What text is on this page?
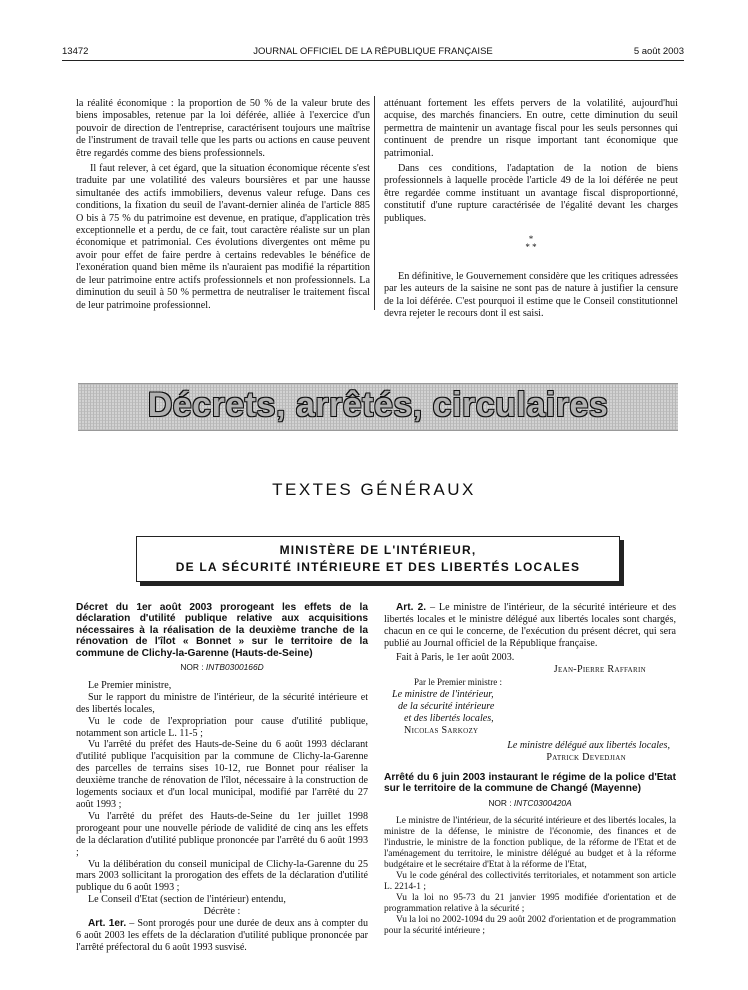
13472	JOURNAL OFFICIEL DE LA RÉPUBLIQUE FRANÇAISE	5 août 2003

la réalité économique : la proportion de 50 % de la valeur brute des biens imposables, retenue par la loi déférée, alliée à l'exercice d'un pouvoir de direction de l'entreprise, caractérisent toujours une maîtrise de l'instrument de travail telle que les parts ou actions en cause peuvent être regardés comme des biens professionnels.

Il faut relever, à cet égard, que la situation économique récente s'est traduite par une volatilité des valeurs boursières et par une hausse simultanée des actifs immobiliers, devenus valeur refuge. Dans ces conditions, la fixation du seuil de l'avant-dernier alinéa de l'article 885 O bis à 75 % du patrimoine est devenue, en pratique, d'application très exceptionnelle et a perdu, de ce fait, tout caractère réaliste sur un plan économique et patrimonial. Ces évolutions divergentes ont même pu avoir pour effet de faire perdre à certains redevables le bénéfice de l'exonération quand bien même ils n'auraient pas modifié la répartition de leur patrimoine entre actifs professionnels et non professionnels. La diminution du seuil à 50 % permettra de neutraliser le traitement fiscal de leur patrimoine professionnel.

atténuant fortement les effets pervers de la volatilité, aujourd'hui acquise, des marchés financiers. En outre, cette diminution du seuil permettra de maintenir un avantage fiscal pour les seuls personnes qui continuent de prendre un risque important tant économique que patrimonial.

Dans ces conditions, l'adaptation de la notion de biens professionnels à laquelle procède l'article 49 de la loi déférée ne peut être regardée comme instituant un avantage fiscal disproportionné, constitutif d'une rupture caractérisée de l'égalité devant les charges publiques.

*
* *

En définitive, le Gouvernement considère que les critiques adressées par les auteurs de la saisine ne sont pas de nature à justifier la censure de la loi déférée. C'est pourquoi il estime que le Conseil constitutionnel devra rejeter le recours dont il est saisi.

Décrets, arrêtés, circulaires
TEXTES GÉNÉRAUX
MINISTÈRE DE L'INTÉRIEUR,
DE LA SÉCURITÉ INTÉRIEURE ET DES LIBERTÉS LOCALES
Décret du 1er août 2003 prorogeant les effets de la déclaration d'utilité publique relative aux acquisitions nécessaires à la réalisation de la deuxième tranche de la rénovation de l'îlot « Bonnet » sur le territoire de la commune de Clichy-la-Garenne (Hauts-de-Seine)
NOR : INTB0300166D

Le Premier ministre,

Sur le rapport du ministre de l'intérieur, de la sécurité intérieure et des libertés locales,

Vu le code de l'expropriation pour cause d'utilité publique, notamment son article L. 11-5 ;

Vu l'arrêté du préfet des Hauts-de-Seine du 6 août 1993 déclarant d'utilité publique l'acquisition par la commune de Clichy-la-Garenne des parcelles de terrains sises 10-12, rue Bonnet pour réaliser la deuxième tranche de rénovation de l'îlot, nécessaire à la construction de logements sociaux et d'un local municipal, modifié par l'arrêté du 27 août 1993 ;

Vu l'arrêté du préfet des Hauts-de-Seine du 1er juillet 1998 prorogeant pour une nouvelle période de validité de cinq ans les effets de la déclaration d'utilité publique prononcée par l'arrêté du 6 août 1993 ;

Vu la délibération du conseil municipal de Clichy-la-Garenne du 25 mars 2003 sollicitant la prorogation des effets de la déclaration d'utilité publique du 6 août 1993 ;

Le Conseil d'Etat (section de l'intérieur) entendu,

Décrète :

Art. 1er. – Sont prorogés pour une durée de deux ans à compter du 6 août 2003 les effets de la déclaration d'utilité publique prononcée par l'arrêté préfectoral du 6 août 1993 susvisé.

Art. 2. – Le ministre de l'intérieur, de la sécurité intérieure et des libertés locales et le ministre délégué aux libertés locales sont chargés, chacun en ce qui le concerne, de l'exécution du présent décret, qui sera publié au Journal officiel de la République française.

Fait à Paris, le 1er août 2003.

Jean-Pierre Raffarin

Par le Premier ministre :

Le ministre de l'intérieur,

de la sécurité intérieure

et des libertés locales,

Nicolas Sarkozy

Le ministre délégué aux libertés locales,

Patrick Devedjian

Arrêté du 6 juin 2003 instaurant le régime de la police d'Etat sur le territoire de la commune de Changé (Mayenne)
NOR : INTC0300420A

Le ministre de l'intérieur, de la sécurité intérieure et des libertés locales, la ministre de la défense, le ministre de l'économie, des finances et de l'industrie, le ministre de la fonction publique, de la réforme de l'Etat et de l'aménagement du territoire, le ministre délégué au budget et à la réforme budgétaire et le secrétaire d'Etat à la réforme de l'Etat,

Vu le code général des collectivités territoriales, et notamment son article L. 2214-1 ;

Vu la loi no 95-73 du 21 janvier 1995 modifiée d'orientation et de programmation relative à la sécurité ;

Vu la loi no 2002-1094 du 29 août 2002 d'orientation et de programmation pour la sécurité intérieure ;
